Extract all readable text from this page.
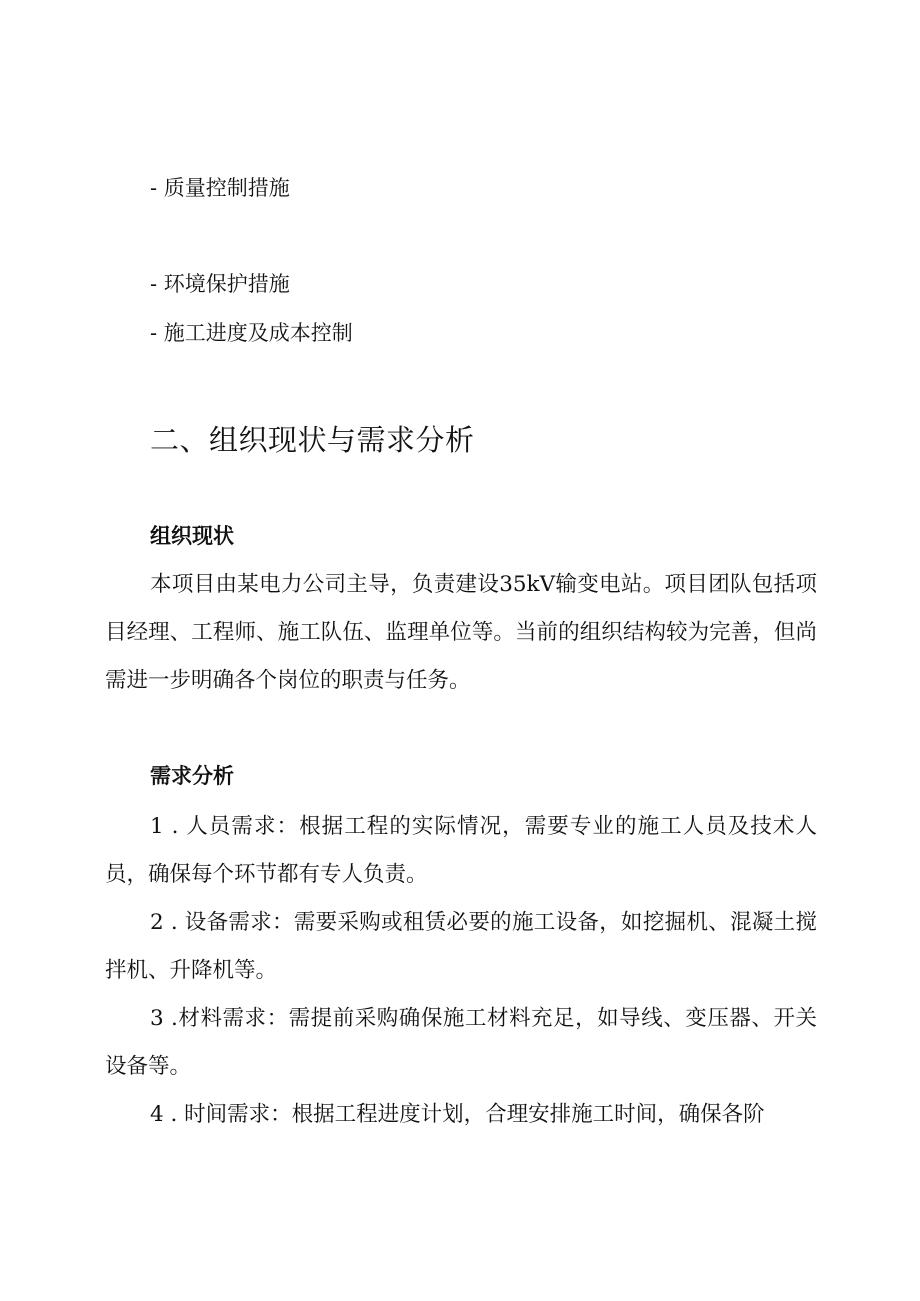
- 质量控制措施
- 环境保护措施
- 施工进度及成本控制
二、组织现状与需求分析
组织现状

本项目由某电力公司主导，负责建设35kV输变电站。项目团队包括项目经理、工程师、施工队伍、监理单位等。当前的组织结构较为完善，但尚需进一步明确各个岗位的职责与任务。

需求分析

1 . 人员需求：根据工程的实际情况，需要专业的施工人员及技术人员，确保每个环节都有专人负责。

2 . 设备需求：需要采购或租赁必要的施工设备，如挖掘机、混凝土搅拌机、升降机等。

3 .材料需求：需提前采购确保施工材料充足，如导线、变压器、开关设备等。

4 . 时间需求：根据工程进度计划，合理安排施工时间，确保各阶
